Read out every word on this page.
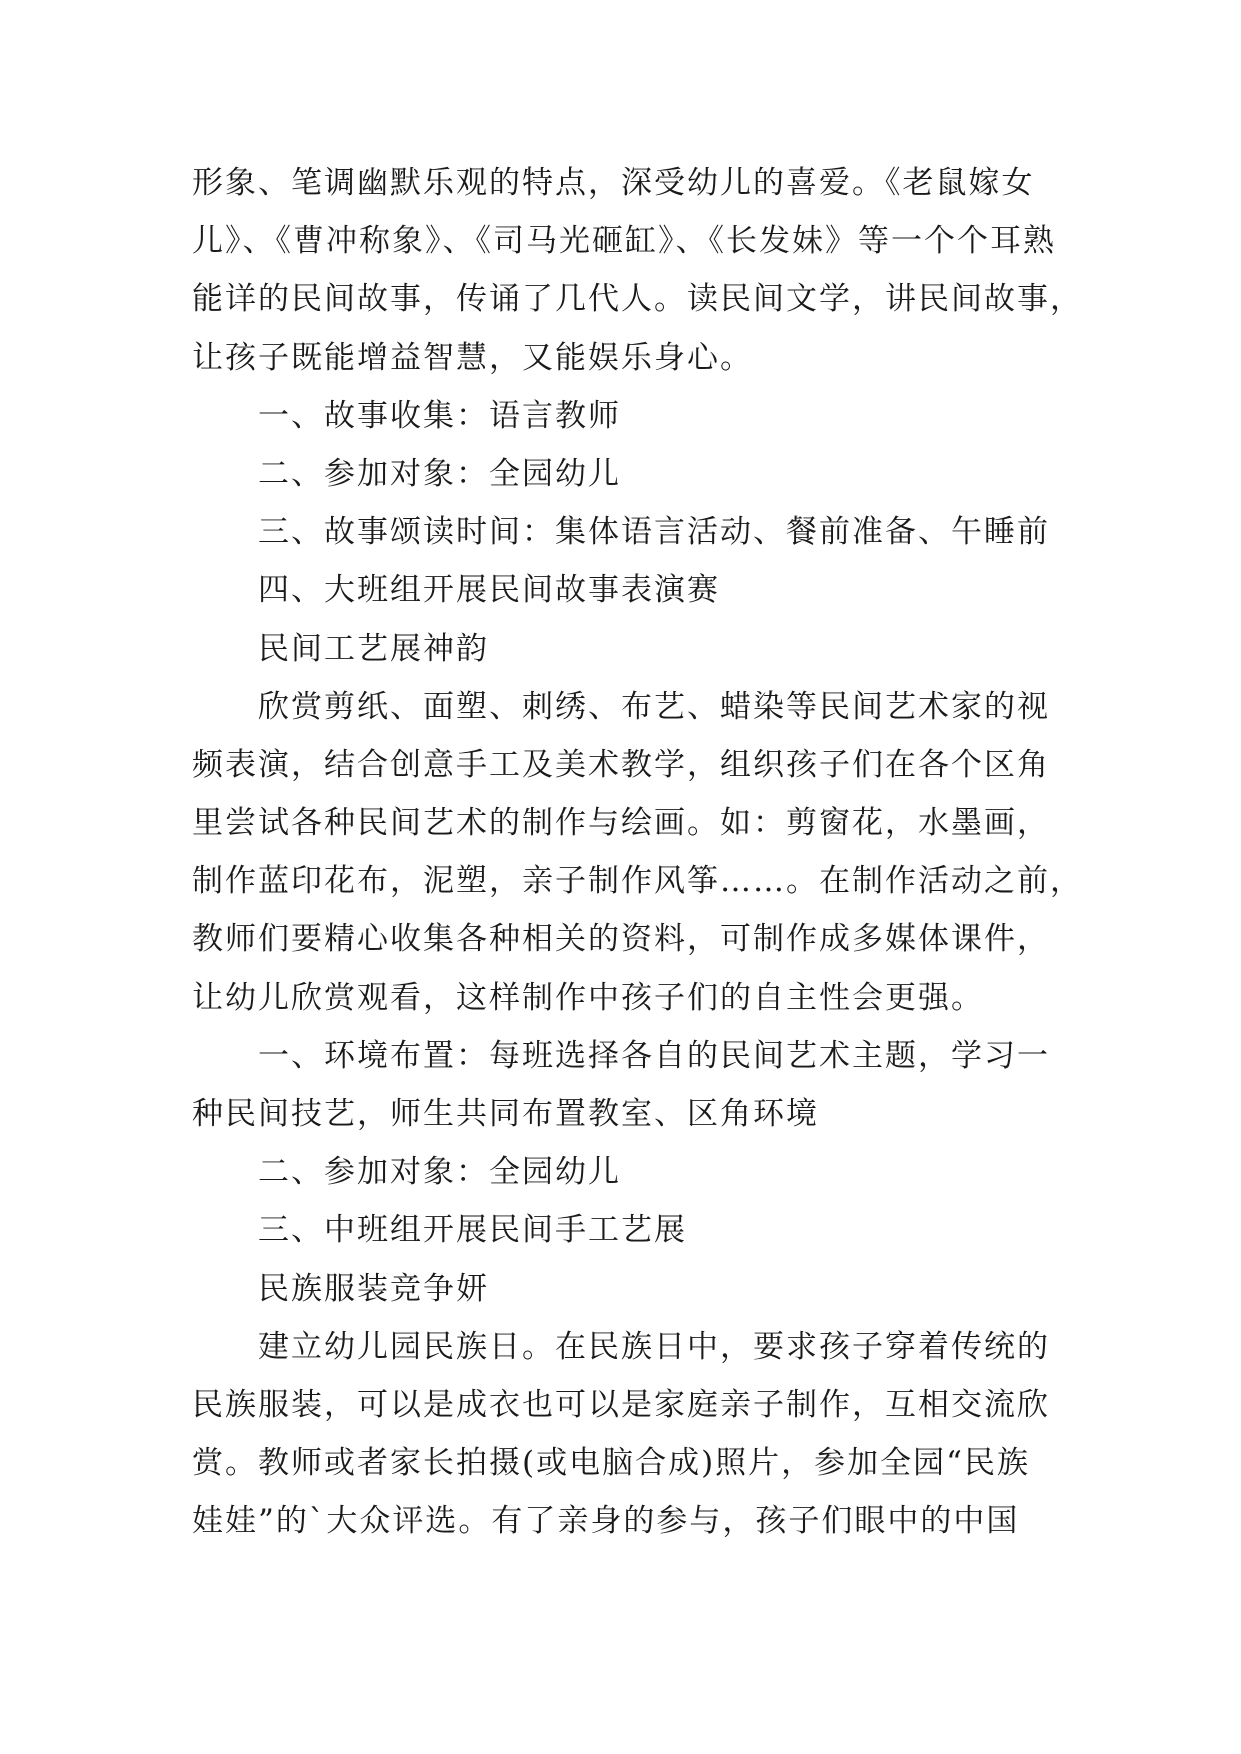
形象、笔调幽默乐观的特点，深受幼儿的喜爱。《老鼠嫁女
儿》、《曹冲称象》、《司马光砸缸》、《长发妹》等一个个耳熟
能详的民间故事，传诵了几代人。读民间文学，讲民间故事，
让孩子既能增益智慧，又能娱乐身心。
一、故事收集：语言教师
二、参加对象：全园幼儿
三、故事颂读时间：集体语言活动、餐前准备、午睡前
四、大班组开展民间故事表演赛
民间工艺展神韵
欣赏剪纸、面塑、刺绣、布艺、蜡染等民间艺术家的视
频表演，结合创意手工及美术教学，组织孩子们在各个区角
里尝试各种民间艺术的制作与绘画。如：剪窗花，水墨画，
制作蓝印花布，泥塑，亲子制作风筝……。在制作活动之前，
教师们要精心收集各种相关的资料，可制作成多媒体课件，
让幼儿欣赏观看，这样制作中孩子们的自主性会更强。
一、环境布置：每班选择各自的民间艺术主题，学习一
种民间技艺，师生共同布置教室、区角环境
二、参加对象：全园幼儿
三、中班组开展民间手工艺展
民族服装竞争妍
建立幼儿园民族日。在民族日中，要求孩子穿着传统的
民族服装，可以是成衣也可以是家庭亲子制作，互相交流欣
赏。教师或者家长拍摄(或电脑合成)照片，参加全园“民族
娃娃”的`大众评选。有了亲身的参与，孩子们眼中的中国
